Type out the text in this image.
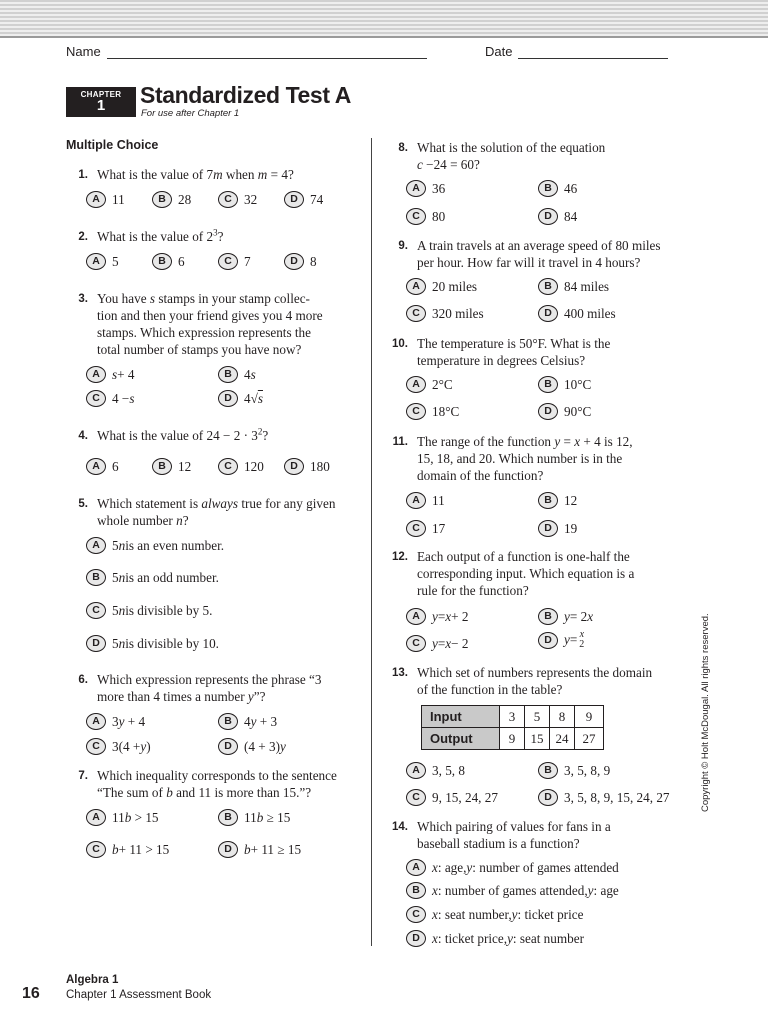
Name	Date
CHAPTER
1	Standardized Test A
For use after Chapter 1
Multiple Choice
1. What is the value of 7m when m = 4?
A 11	B 28	C 32	D 74
2. What is the value of $2^3$?
A 5	B 6	C 7	D 8
3. You have s stamps in your stamp collec-
tion and then your friend gives you 4 more
stamps. Which expression represents the
total number of stamps you have now?
A s + 4	B 4 s
C 4 − s	D 4√ s
4. What is the value of $24 - 2 \cdot 3^2$?
A 6	B 12	C 120	D 180
5. Which statement is always true for any given
whole number n?
A 5 n is an even number.
B 5 n is an odd number.
C 5 n is divisible by 5.
D 5 n is divisible by 10.
6. Which expression represents the phrase “3
more than 4 times a number y”?
A 3 y + 4	B 4 y + 3
C 3(4 + y )	D (4 + 3) y
7. Which inequality corresponds to the sentence
“The sum of b and 11 is more than 15.”?
A 11 b > 15	B 11 b ≥ 15
C b + 11 > 15	D b + 11 ≥ 15
8. What is the solution of the equation
c −24 = 60?
A 36	B 46
C 80	D 84
9. A train travels at an average speed of 80 miles
per hour. How far will it travel in 4 hours?
A 20 miles	B 84 miles
C 320 miles	D 400 miles
10. The temperature is 50°F. What is the
temperature in degrees Celsius?
A 2°C	B 10°C
C 18°C	D 90°C
11. The range of the function y = x + 4 is 12,
15, 18, and 20. Which number is in the
domain of the function?
A 11	B 12
C 17	D 19
12. Each output of a function is one-half the
corresponding input. Which equation is a
rule for the function?
A y = x + 2	B y = 2 x
C y = x − 2	D y = x
2
13. Which set of numbers represents the domain
of the function in the table?
Input	3	5	8	9
Output	9	15	24	27
A 3, 5, 8	B 3, 5, 8, 9
C 9, 15, 24, 27	D 3, 5, 8, 9, 15, 24, 27
14. Which pairing of values for fans in a
baseball stadium is a function?
A x : age, y : number of games attended
B x : number of games attended, y : age
C x : seat number, y : ticket price
D x : ticket price, y : seat number
Copyright © Holt McDougal. All rights reserved.
16
Algebra 1
Chapter 1 Assessment Book
